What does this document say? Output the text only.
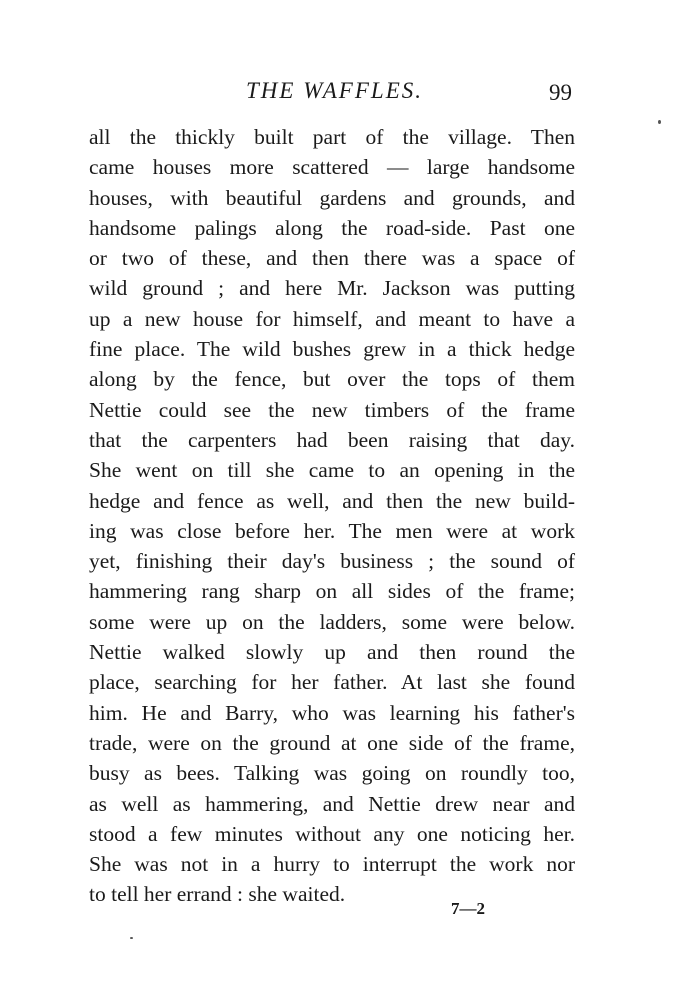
THE WAFFLES.	99
all the thickly built part of the village. Then
came houses more scattered — large handsome
houses, with beautiful gardens and grounds, and
handsome palings along the road-side. Past one
or two of these, and then there was a space of
wild ground ; and here Mr. Jackson was putting
up a new house for himself, and meant to have a
fine place. The wild bushes grew in a thick hedge
along by the fence, but over the tops of them
Nettie could see the new timbers of the frame
that the carpenters had been raising that day.
She went on till she came to an opening in the
hedge and fence as well, and then the new build-
ing was close before her. The men were at work
yet, finishing their day's business ; the sound of
hammering rang sharp on all sides of the frame;
some were up on the ladders, some were below.
Nettie walked slowly up and then round the
place, searching for her father. At last she found
him. He and Barry, who was learning his father's
trade, were on the ground at one side of the frame,
busy as bees. Talking was going on roundly too,
as well as hammering, and Nettie drew near and
stood a few minutes without any one noticing her.
She was not in a hurry to interrupt the work nor
to tell her errand : she waited.
7—2
